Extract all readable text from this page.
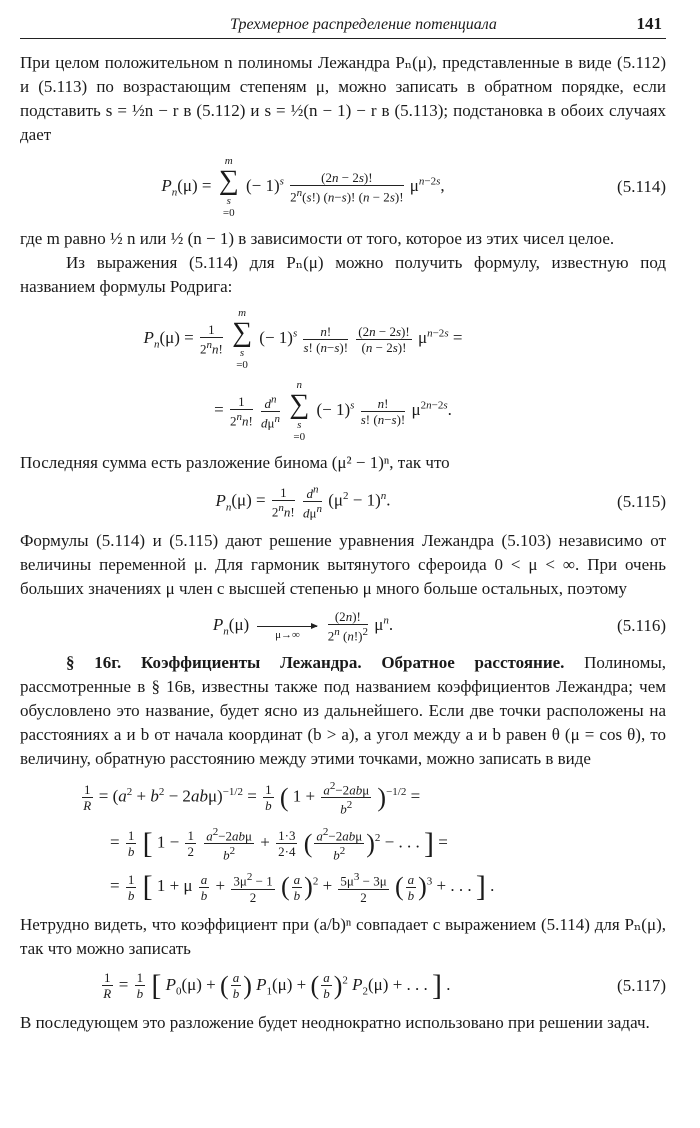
Трехмерное распределение потенциала	141

При целом положительном n полиномы Лежандра Pₙ(μ), представленные в виде (5.112) и (5.113) по возрастающим степеням μ, можно записать в обратном порядке, если подставить s = ½n − r в (5.112) и s = ½(n − 1) − r в (5.113); подстановка в обоих случаях дает

$P_n(\mu)$ =
m
∑
s
=0 (− $1)^s \frac{(2n - 2s)!}{2^n(s!) (n-s)! (n - 2s)!} \mu^{n-2s}$,	(5.114)

где m равно ½ n или ½ (n − 1) в зависимости от того, которое из этих чисел целое.

Из выражения (5.114) для Pₙ(μ) можно получить формулу, известную под названием формулы Родрига:

$P_n(\mu) = \frac{1}{2^nn!}$

m
∑
s
=0 (− $1)^s \frac{n!}{s! (n-s)!}$
$\frac{(2n - 2s)!}{(n - 2s)!} \mu^{n-2s}$ =
= $\frac{1}{2^nn!}$
$\frac{d^n}{d\mu^n}$

n
∑
s
=0 (− $1)^s \frac{n!}{s! (n-s)!} \mu^{2n-2s}$.

Последняя сумма есть разложение бинома (μ² − 1)ⁿ, так что

$P_n(\mu) = \frac{1}{2^nn!}$
$\frac{d^n}{d\mu^n} (\mu^2 - 1)^n$.	(5.115)

Формулы (5.114) и (5.115) дают решение уравнения Лежандра (5.103) независимо от величины переменной μ. Для гармоник вытянутого сфероида 0 < μ < ∞. При очень больших значениях μ член с высшей степенью μ много больше остальных, поэтому

$P_n(\mu)$
μ→∞
$\frac{(2n)!}{2^n (n!)^2} \mu^n$.	(5.116)

§ 16г. Коэффициенты Лежандра. Обратное расстояние. Полиномы, рассмотренные в § 16в, известны также под названием коэффициентов Лежандра; чем обусловлено это название, будет ясно из дальнейшего. Если две точки расположены на расстояниях a и b от начала координат (b > a), а угол между a и b равен θ (μ = cos θ), то величину, обратную расстоянию между этими точками, можно записать в виде

$\frac{1}{R} = (a^2 + b^2 - 2ab\mu)^{-1/2} = \frac{1}{b}$ ( $1 + \frac{a^2-2ab\mu}{b^2} )^{-1/2}$ =
= $\frac{1}{b}$ [ $1 - \frac{1}{2}$
$\frac{a^2-2ab\mu}{b^2} + \frac{1\cdot 3}{2\cdot 4}$ ( $\frac{a^2-2ab\mu}{b^2} )^2$ − . . . ] =
= $\frac{1}{b}$ [ 1 + μ $\frac{a}{b} + \frac{3\mu^2 - 1}{2}$ ( $\frac{a}{b} )^2 + \frac{5\mu^3 - 3\mu}{2}$ ( $\frac{a}{b} )^3$ + . . . ] .

Нетрудно видеть, что коэффициент при (a/b)ⁿ совпадает с выражением (5.114) для Pₙ(μ), так что можно записать

$\frac{1}{R} = \frac{1}{b}$ [ $P_0(\mu)$ + ( $\frac{a}{b}$ ) $P_1(\mu)$ + ( $\frac{a}{b} )^2$ $P_2(\mu)$ + . . . ] .	(5.117)

В последующем это разложение будет неоднократно использовано при решении задач.
